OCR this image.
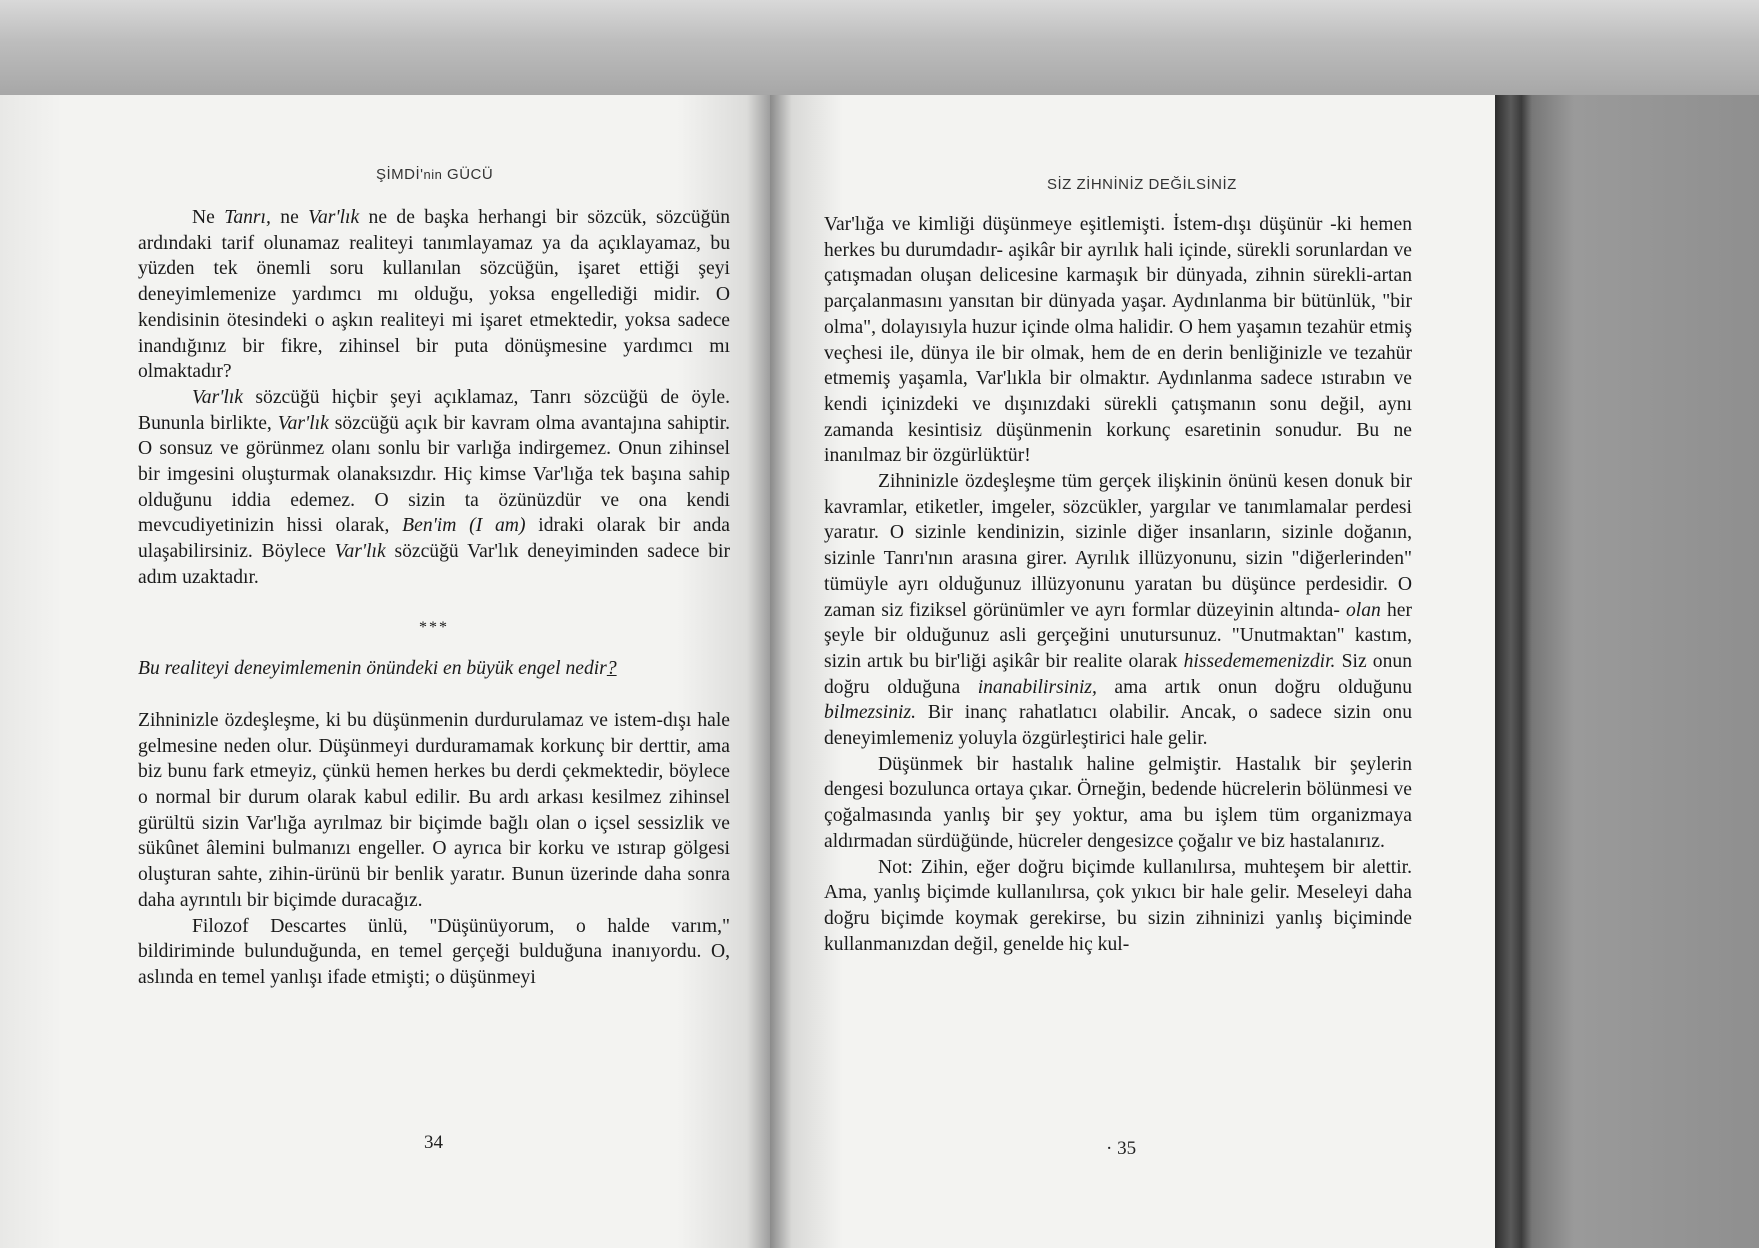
ŞİMDİ'nin GÜCÜ

Ne Tanrı, ne Var'lık ne de başka herhangi bir sözcük, sözcüğün ardındaki tarif olunamaz realiteyi tanımlayamaz ya da açıklayamaz, bu yüzden tek önemli soru kullanılan sözcüğün, işaret ettiği şeyi deneyimlemenize yardımcı mı olduğu, yoksa engellediği midir. O kendisinin ötesindeki o aşkın realiteyi mi işaret etmektedir, yoksa sadece inandığınız bir fikre, zihinsel bir puta dönüşmesine yardımcı mı olmaktadır?

Var'lık sözcüğü hiçbir şeyi açıklamaz, Tanrı sözcüğü de öyle. Bununla birlikte, Var'lık sözcüğü açık bir kavram olma avantajına sahiptir. O sonsuz ve görünmez olanı sonlu bir varlığa indirgemez. Onun zihinsel bir imgesini oluşturmak olanaksızdır. Hiç kimse Var'lığa tek başına sahip olduğunu iddia edemez. O sizin ta özünüzdür ve ona kendi mevcudiyetinizin hissi olarak, Ben'im (I am) idraki olarak bir anda ulaşabilirsiniz. Böylece Var'lık sözcüğü Var'lık deneyiminden sadece bir adım uzaktadır.

***

Bu realiteyi deneyimlemenin önündeki en büyük engel nedir?

Zihninizle özdeşleşme, ki bu düşünmenin durdurulamaz ve istem-dışı hale gelmesine neden olur. Düşünmeyi durduramamak korkunç bir derttir, ama biz bunu fark etmeyiz, çünkü hemen herkes bu derdi çekmektedir, böylece o normal bir durum olarak kabul edilir. Bu ardı arkası kesilmez zihinsel gürültü sizin Var'lığa ayrılmaz bir biçimde bağlı olan o içsel sessizlik ve sükûnet âlemini bulmanızı engeller. O ayrıca bir korku ve ıstırap gölgesi oluşturan sahte, zihin-ürünü bir benlik yaratır. Bunun üzerinde daha sonra daha ayrıntılı bir biçimde duracağız.

Filozof Descartes ünlü, "Düşünüyorum, o halde varım," bildiriminde bulunduğunda, en temel gerçeği bulduğuna inanıyordu. O, aslında en temel yanlışı ifade etmişti; o düşünmeyi

34
SİZ ZİHNİNİZ DEĞİLSİNİZ

Var'lığa ve kimliği düşünmeye eşitlemişti. İstem-dışı düşünür -ki hemen herkes bu durumdadır- aşikâr bir ayrılık hali içinde, sürekli sorunlardan ve çatışmadan oluşan delicesine karmaşık bir dünyada, zihnin sürekli-artan parçalanmasını yansıtan bir dünyada yaşar. Aydınlanma bir bütünlük, "bir olma", dolayısıyla huzur içinde olma halidir. O hem yaşamın tezahür etmiş veçhesi ile, dünya ile bir olmak, hem de en derin benliğinizle ve tezahür etmemiş yaşamla, Var'lıkla bir olmaktır. Aydınlanma sadece ıstırabın ve kendi içinizdeki ve dışınızdaki sürekli çatışmanın sonu değil, aynı zamanda kesintisiz düşünmenin korkunç esaretinin sonudur. Bu ne inanılmaz bir özgürlüktür!

Zihninizle özdeşleşme tüm gerçek ilişkinin önünü kesen donuk bir kavramlar, etiketler, imgeler, sözcükler, yargılar ve tanımlamalar perdesi yaratır. O sizinle kendinizin, sizinle diğer insanların, sizinle doğanın, sizinle Tanrı'nın arasına girer. Ayrılık illüzyonunu, sizin "diğerlerinden" tümüyle ayrı olduğunuz illüzyonunu yaratan bu düşünce perdesidir. O zaman siz fiziksel görünümler ve ayrı formlar düzeyinin altında- olan her şeyle bir olduğunuz asli gerçeğini unutursunuz. "Unutmaktan" kastım, sizin artık bu bir'liği aşikâr bir realite olarak hissedememenizdir. Siz onun doğru olduğuna inanabilirsiniz, ama artık onun doğru olduğunu bilmezsiniz. Bir inanç rahatlatıcı olabilir. Ancak, o sadece sizin onu deneyimlemeniz yoluyla özgürleştirici hale gelir.

Düşünmek bir hastalık haline gelmiştir. Hastalık bir şeylerin dengesi bozulunca ortaya çıkar. Örneğin, bedende hücrelerin bölünmesi ve çoğalmasında yanlış bir şey yoktur, ama bu işlem tüm organizmaya aldırmadan sürdüğünde, hücreler dengesizce çoğalır ve biz hastalanırız.

Not: Zihin, eğer doğru biçimde kullanılırsa, muhteşem bir alettir. Ama, yanlış biçimde kullanılırsa, çok yıkıcı bir hale gelir. Meseleyi daha doğru biçimde koymak gerekirse, bu sizin zihninizi yanlış biçiminde kullanmanızdan değil, genelde hiç kul-

· 35
